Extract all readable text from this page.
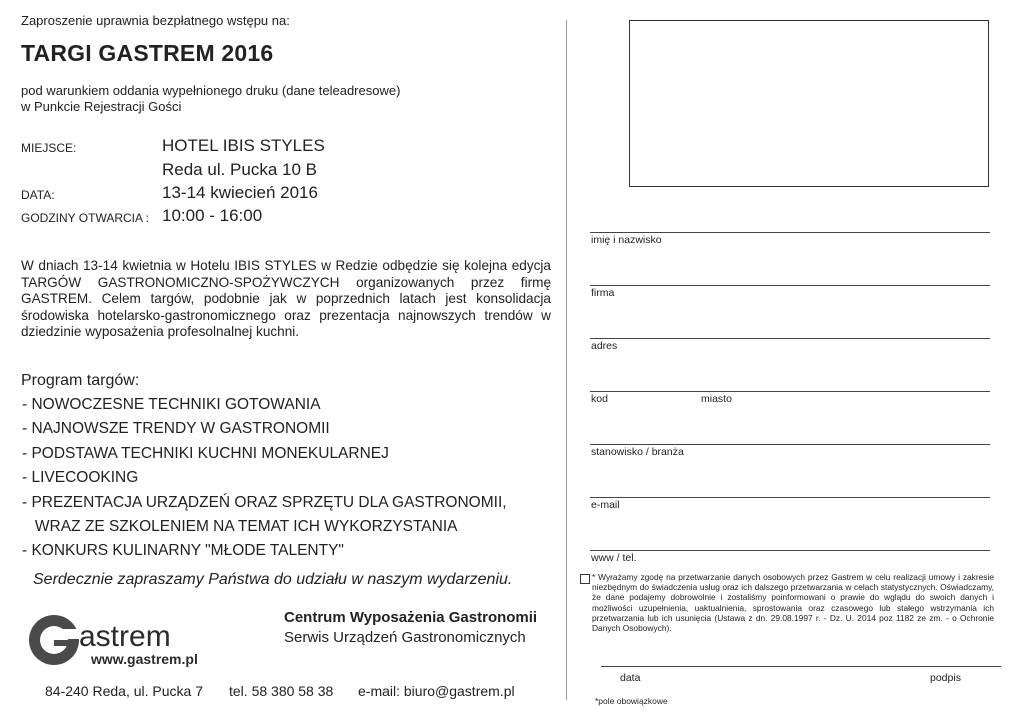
Zaproszenie uprawnia bezpłatnego wstępu na:
TARGI GASTREM 2016
pod warunkiem oddania wypełnionego druku (dane teleadresowe)
w Punkcie Rejestracji Gości
MIEJSCE:	HOTEL IBIS STYLES
Reda ul. Pucka 10 B
DATA:	13-14 kwiecień 2016
GODZINY OTWARCIA : 10:00 - 16:00
W dniach 13-14 kwietnia w Hotelu IBIS STYLES w Redzie odbędzie się kolejna edycja TARGÓW GASTRONOMICZNO-SPOŻYWCZYCH organizowanych przez firmę GASTREM. Celem targów, podobnie jak w poprzednich latach jest konsolidacja środowiska hotelarsko-gastronomicznego oraz prezentacja najnowszych trendów w dziedzinie wyposażenia profesolnalnej kuchni.
Program targów:
- NOWOCZESNE TECHNIKI GOTOWANIA
- NAJNOWSZE TRENDY W GASTRONOMII
- PODSTAWA TECHNIKI KUCHNI MONEKULARNEJ
- LIVECOOKING
- PREZENTACJA URZĄDZEŃ ORAZ SPRZĘTU DLA GASTRONOMII,
WRAZ ZE SZKOLENIEM NA TEMAT ICH WYKORZYSTANIA
- KONKURS KULINARNY "MŁODE TALENTY"
Serdecznie zapraszamy Państwa do udziału w naszym wydarzeniu.
astrem
www.gastrem.pl
Centrum Wyposażenia Gastronomii
Serwis Urządzeń Gastronomicznych
84-240 Reda, ul. Pucka 7 tel. 58 380 58 38 e-mail: biuro@gastrem.pl
imię i nazwisko
firma
adres
kod	miasto
stanowisko / branża
e-mail
www / tel.
* Wyrażamy zgodę na przetwarzanie danych osobowych przez Gastrem w celu realizacji umowy i zakresie niezbędnym do świadczenia usług oraz ich dalszego przetwarzania w celach statystycznych. Oświadczamy, że dane podajemy dobrowolnie i zostaliśmy poinformowani o prawie do wglądu do swoich danych i możliwości uzupełnienia, uaktualnienia, sprostowania oraz czasowego lub stałego wstrzymania ich przetwarzania lub ich usunięcia (Ustawa z dn. 29.08.1997 r. - Dz. U. 2014 poz 1182 ze zm. - o Ochronie Danych Osobowych).
data	podpis
*pole obowiązkowe
